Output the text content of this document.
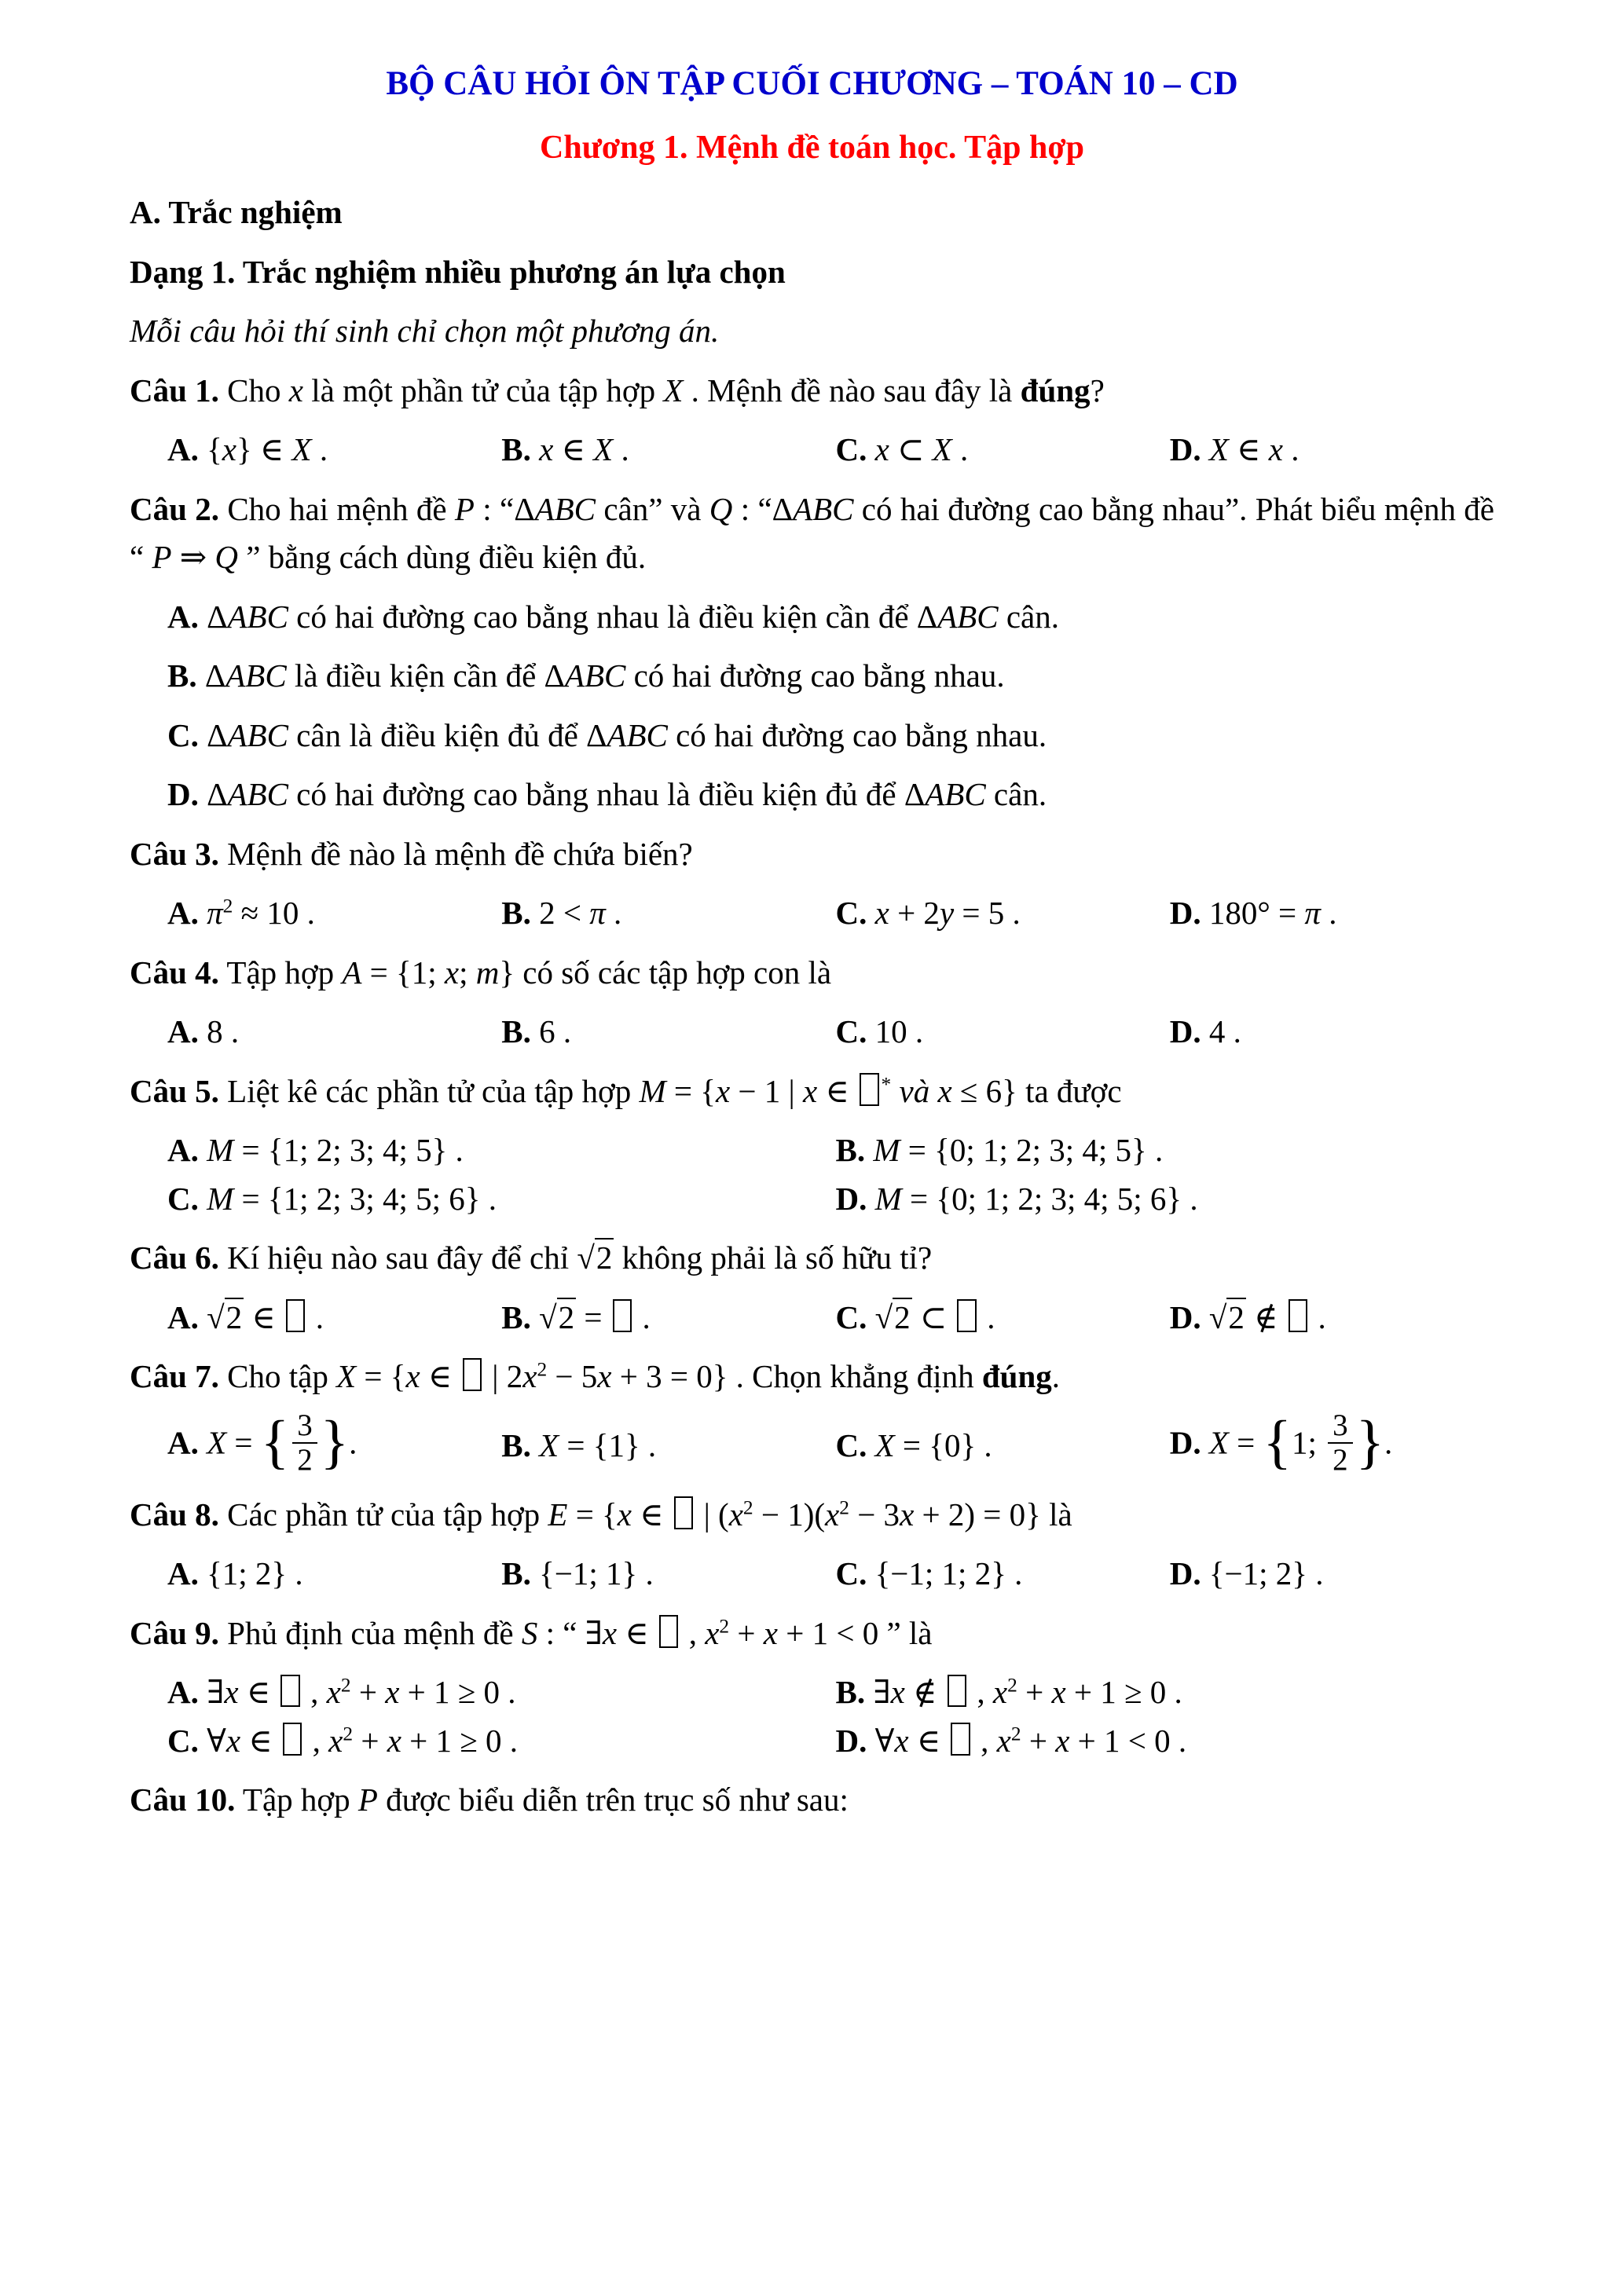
BỘ CÂU HỎI ÔN TẬP CUỐI CHƯƠNG – TOÁN 10 – CD
Chương 1. Mệnh đề toán học. Tập hợp

A. Trắc nghiệm

Dạng 1. Trắc nghiệm nhiều phương án lựa chọn

Mỗi câu hỏi thí sinh chỉ chọn một phương án.

Câu 1. Cho x là một phần tử của tập hợp X . Mệnh đề nào sau đây là đúng?

A. {x} ∈ X .	B. x ∈ X .	C. x ⊂ X .	D. X ∈ x .

Câu 2. Cho hai mệnh đề P : “ΔABC cân” và Q : “ΔABC có hai đường cao bằng nhau”. Phát biểu mệnh đề “ P ⇒ Q ” bằng cách dùng điều kiện đủ.

A. ΔABC có hai đường cao bằng nhau là điều kiện cần để ΔABC cân.
B. ΔABC là điều kiện cần để ΔABC có hai đường cao bằng nhau.
C. ΔABC cân là điều kiện đủ để ΔABC có hai đường cao bằng nhau.
D. ΔABC có hai đường cao bằng nhau là điều kiện đủ để ΔABC cân.

Câu 3. Mệnh đề nào là mệnh đề chứa biến?

A. $\pi^2 \approx 10$ .	B. 2 < π .	C. x + 2y = 5 .	D. 180° = π .

Câu 4. Tập hợp A = {1; x; m} có số các tập hợp con là

A. 8 .	B. 6 .	C. 10 .	D. 4 .

Câu 5. Liệt kê các phần tử của tập hợp M = {x − 1 | x ∈ * và x ≤ 6} ta được

A. M = {1; 2; 3; 4; 5} .	B. M = {0; 1; 2; 3; 4; 5} .
C. M = {1; 2; 3; 4; 5; 6} .	D. M = {0; 1; 2; 3; 4; 5; 6} .

Câu 6. Kí hiệu nào sau đây để chỉ √2 không phải là số hữu tỉ?

A. √2 ∈  .	B. √2 =  .	C. √2 ⊂  .	D. √2 ∉  .

Câu 7. Cho tập X = {x ∈  | $2x^2 - 5x + 3 = 0$} . Chọn khẳng định đúng.

A. X = { $\frac{3}{2}$ }.	B. X = {1} .	C. X = {0} .	D. X = {1; $\frac{3}{2}$ }.

Câu 8. Các phần tử của tập hợp E = {x ∈  | $(x^2 - 1)(x^2 - 3x + 2) = 0$} là

A. {1; 2} .	B. {−1; 1} .	C. {−1; 1; 2} .	D. {−1; 2} .

Câu 9. Phủ định của mệnh đề S : “ ∃x ∈  , $x^2 + x + 1 < 0$ ” là

A. ∃x ∈  , $x^2 + x + 1 \ge 0$ .	B. ∃x ∉  , $x^2 + x + 1 \ge 0$ .
C. ∀x ∈  , $x^2 + x + 1 \ge 0$ .	D. ∀x ∈  , $x^2 + x + 1 < 0$ .

Câu 10. Tập hợp P được biểu diễn trên trục số như sau:
